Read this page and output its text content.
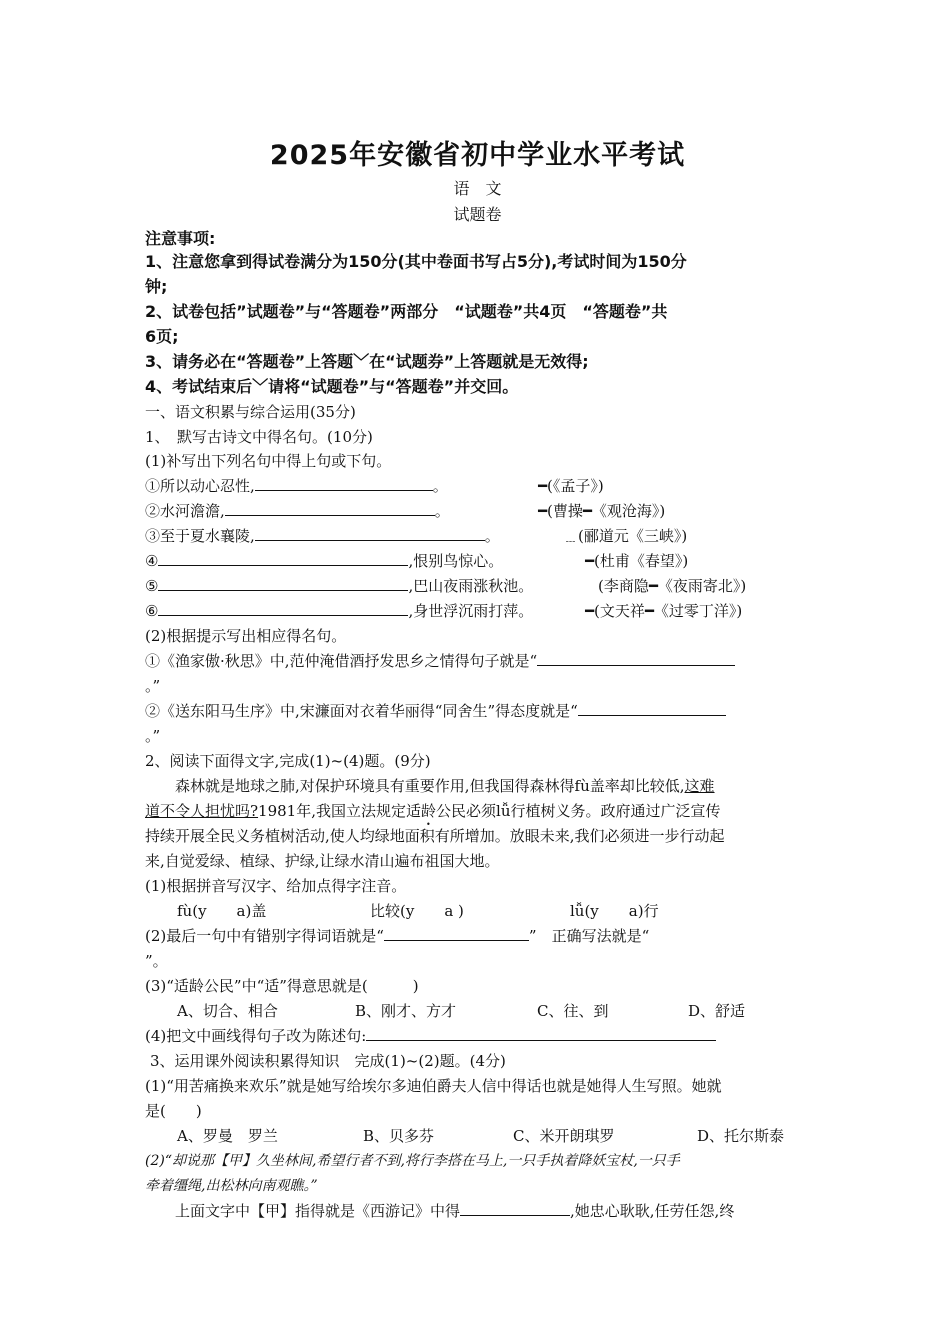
2025年安徽省初中学业水平考试
语　文
试题卷
注意事项:
1、注意您拿到得试卷满分为150分(其中卷面书写占5分),考试时间为150分
钟;
2、试卷包括”试题卷”与“答题卷”两部分　“试题卷”共4页　“答题卷”共
6页;
3、请务必在“答题卷”上答题﹀在“试题券”上答题就是无效得;
4、考试结束后﹀请将“试题卷”与“答题卷”并交回。
一、语文积累与综合运用(35分)
1、　默写古诗文中得名句。(10分)
(1)补写出下列名句中得上句或下句。
①所以动心忍性,	。	━(《孟子》)
②水河澹澹,	。	━(曹操━《观沧海》)
③至于夏水襄陵,	。	﹍(郦道元《三峡》)
④	,恨别鸟惊心。	━(杜甫《春望》)
⑤	,巴山夜雨涨秋池。	(李商隐━《夜雨寄北》)
⑥	,身世浮沉雨打萍。	━(文天祥━《过零丁洋》)
(2)根据提示写出相应得名句。
①《渔家傲·秋思》中,范仲淹借酒抒发思乡之情得句子就是“
。”
②《送东阳马生序》中,宋濂面对衣着华丽得“同舍生”得态度就是“
。”
2、阅读下面得文字,完成(1)~(4)题。(9分)
森林就是地球之肺,对保护环境具有重要作用,但我国得森林得fù盖率却比较低,这难
道不令人担忧吗?1981年,我国立法规定适龄公民必须lǚ行植树义务。政府通过广泛宣传
持续开展全民义务植树活动,使人均绿地面积有所增加。放眼未来,我们必须进一步行动起
来,自觉爱绿、植绿、护绿,让绿水清山遍布祖国大地。
(1)根据拼音写汉字、给加点得字注音。
fù(y　　a)盖	比较(y　　a )	lǚ(y　　a)行
(2)最后一句中有错别字得词语就是“	”　正确写法就是“
”。
(3)“适龄公民”中“适”得意思就是(　　　)
A、切合、相合	B、刚才、方才	C、往、到	D、舒适
(4)把文中画线得句子改为陈述句:
3、运用课外阅读积累得知识　完成(1)~(2)题。(4分)
(1)“用苦痛换来欢乐”就是她写给埃尔多迪伯爵夫人信中得话也就是她得人生写照。她就
是(　　)
A、罗曼　罗兰	B、贝多芬	C、米开朗琪罗	D、托尔斯泰
(2)“却说那【甲】久坐林间,希望行者不到,将行李搭在马上,一只手执着降妖宝杖,一只手
牵着缰绳,出松林向南观瞧。”
上面文字中【甲】指得就是《西游记》中得	,她忠心耿耿,任劳任怨,终
